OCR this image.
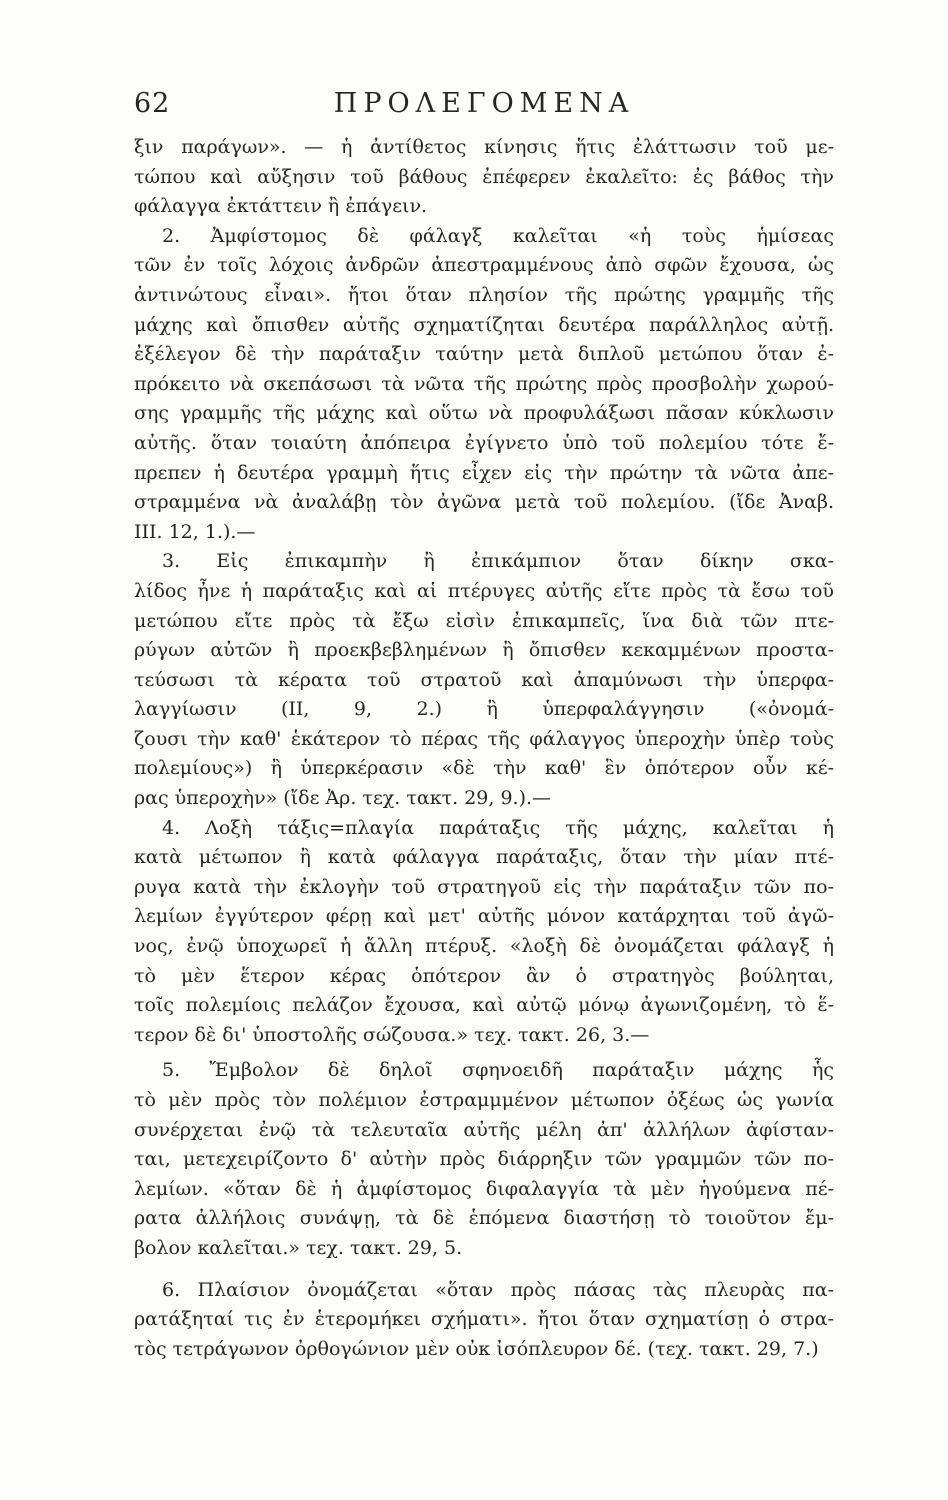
62	ΠΡΟΛΕΓΟΜΕΝΑ
ξιν παράγων». — ἡ ἀντίθετος κίνησις ἥτις ἐλάττωσιν τοῦ με-
τώπου καὶ αὔξησιν τοῦ βάθους ἐπέφερεν ἐκαλεῖτο: ἐς βάθος τὴν
φάλαγγα ἐκτάττειν ἢ ἐπάγειν.
2. Ἀμφίστομος δὲ φάλαγξ καλεῖται «ἡ τοὺς ἡμίσεας
τῶν ἐν τοῖς λόχοις ἀνδρῶν ἀπεστραμμένους ἀπὸ σφῶν ἔχουσα, ὡς
ἀντινώτους εἶναι». ἤτοι ὅταν πλησίον τῆς πρώτης γραμμῆς τῆς
μάχης καὶ ὄπισθεν αὐτῆς σχηματίζηται δευτέρα παράλληλος αὐτῇ.
ἐξέλεγον δὲ τὴν παράταξιν ταύτην μετὰ διπλοῦ μετώπου ὅταν ἐ-
πρόκειτο νὰ σκεπάσωσι τὰ νῶτα τῆς πρώτης πρὸς προσβολὴν χωρού-
σης γραμμῆς τῆς μάχης καὶ οὕτω νὰ προφυλάξωσι πᾶσαν κύκλωσιν
αὐτῆς. ὅταν τοιαύτη ἀπόπειρα ἐγίγνετο ὑπὸ τοῦ πολεμίου τότε ἔ-
πρεπεν ἡ δευτέρα γραμμὴ ἥτις εἶχεν εἰς τὴν πρώτην τὰ νῶτα ἀπε-
στραμμένα νὰ ἀναλάβῃ τὸν ἀγῶνα μετὰ τοῦ πολεμίου. (ἴδε Ἀναβ.
III. 12, 1.).—
3. Εἰς ἐπικαμπὴν ἢ ἐπικάμπιον ὅταν δίκην σκα-
λίδος ἦνε ἡ παράταξις καὶ αἱ πτέρυγες αὐτῆς εἴτε πρὸς τὰ ἔσω τοῦ
μετώπου εἴτε πρὸς τὰ ἔξω εἰσὶν ἐπικαμπεῖς, ἵνα διὰ τῶν πτε-
ρύγων αὐτῶν ἢ προεκβεβλημένων ἢ ὄπισθεν κεκαμμένων προστα-
τεύσωσι τὰ κέρατα τοῦ στρατοῦ καὶ ἀπαμύνωσι τὴν ὑπερφα-
λαγγίωσιν (II, 9, 2.) ἢ ὑπερφαλάγγησιν («ὀνομά-
ζουσι τὴν καθ' ἑκάτερον τὸ πέρας τῆς φάλαγγος ὑπεροχὴν ὑπὲρ τοὺς
πολεμίους») ἢ ὑπερκέρασιν «δὲ τὴν καθ' ἓν ὁπότερον οὖν κέ-
ρας ὑπεροχὴν» (ἴδε Ἀρ. τεχ. τακτ. 29, 9.).—
4. Λοξὴ τάξις=πλαγία παράταξις τῆς μάχης, καλεῖται ἡ
κατὰ μέτωπον ἢ κατὰ φάλαγγα παράταξις, ὅταν τὴν μίαν πτέ-
ρυγα κατὰ τὴν ἐκλογὴν τοῦ στρατηγοῦ εἰς τὴν παράταξιν τῶν πο-
λεμίων ἐγγύτερον φέρῃ καὶ μετ' αὐτῆς μόνον κατάρχηται τοῦ ἀγῶ-
νος, ἐνῷ ὑποχωρεῖ ἡ ἄλλη πτέρυξ. «λοξὴ δὲ ὀνομάζεται φάλαγξ ἡ
τὸ μὲν ἕτερον κέρας ὁπότερον ἂν ὁ στρατηγὸς βούληται,
τοῖς πολεμίοις πελάζον ἔχουσα, καὶ αὐτῷ μόνῳ ἀγωνιζομένη, τὸ ἕ-
τερον δὲ δι' ὑποστολῆς σώζουσα.» τεχ. τακτ. 26, 3.—
5. Ἔμβολον δὲ δηλοῖ σφηνοειδῆ παράταξιν μάχης ἧς
τὸ μὲν πρὸς τὸν πολέμιον ἐστραμμμένον μέτωπον ὀξέως ὡς γωνία
συνέρχεται ἐνῷ τὰ τελευταῖα αὐτῆς μέλη ἀπ' ἀλλήλων ἀφίσταν-
ται, μετεχειρίζοντο δ' αὐτὴν πρὸς διάρρηξιν τῶν γραμμῶν τῶν πο-
λεμίων. «ὅταν δὲ ἡ ἀμφίστομος διφαλαγγία τὰ μὲν ἡγούμενα πέ-
ρατα ἀλλήλοις συνάψῃ, τὰ δὲ ἑπόμενα διαστήσῃ τὸ τοιοῦτον ἔμ-
βολον καλεῖται.» τεχ. τακτ. 29, 5.
6. Πλαίσιον ὀνομάζεται «ὅταν πρὸς πάσας τὰς πλευρὰς πα-
ρατάξηταί τις ἐν ἑτερομήκει σχήματι». ἤτοι ὅταν σχηματίσῃ ὁ στρα-
τὸς τετράγωνον ὀρθογώνιον μὲν οὐκ ἰσόπλευρον δέ. (τεχ. τακτ. 29, 7.)
